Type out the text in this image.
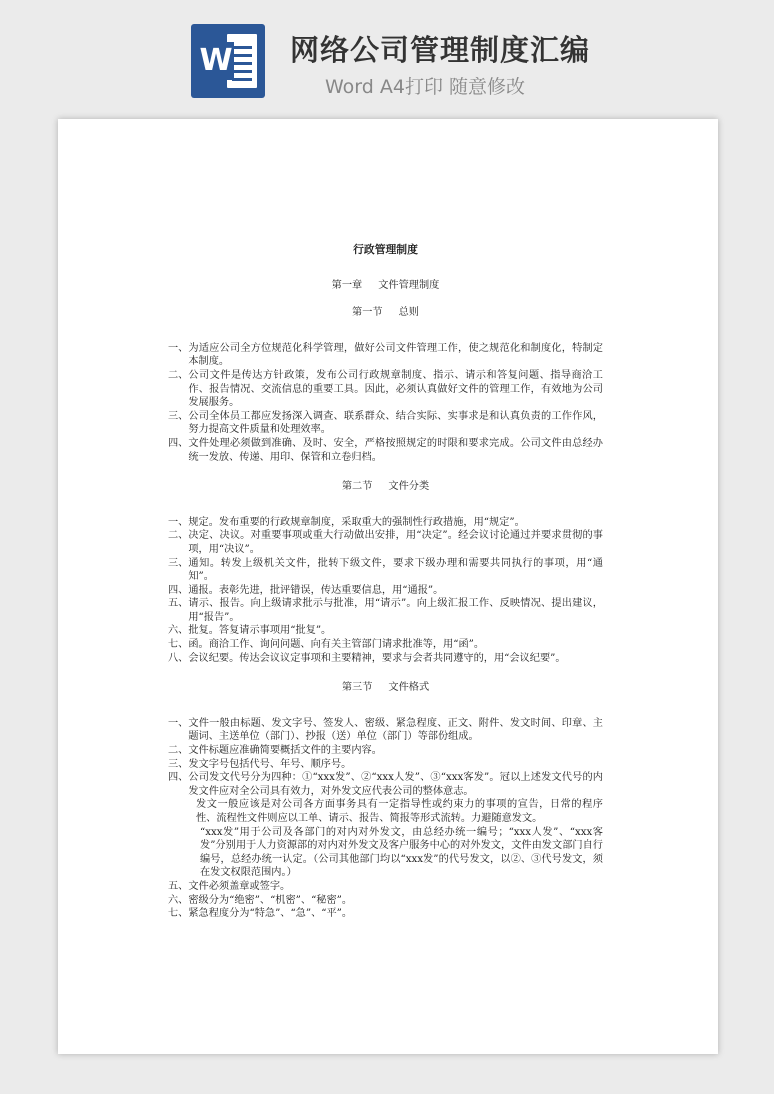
W 网络公司管理制度汇编
Word A4打印 随意修改
行政管理制度
第一章 文件管理制度
第一节 总则
一、 为适应公司全方位规范化科学管理，做好公司文件管理工作，使之规范化和制度化，特制定本制度。
二、 公司文件是传达方针政策，发布公司行政规章制度、指示、请示和答复问题、指导商洽工作、报告情况、交流信息的重要工具。因此，必须认真做好文件的管理工作，有效地为公司发展服务。
三、 公司全体员工都应发扬深入调查、联系群众、结合实际、实事求是和认真负责的工作作风，努力提高文件质量和处理效率。
四、 文件处理必须做到准确、及时、安全，严格按照规定的时限和要求完成。公司文件由总经办统一发放、传递、用印、保管和立卷归档。
第二节 文件分类
一、 规定。发布重要的行政规章制度，采取重大的强制性行政措施，用“规定”。
二、 决定、决议。对重要事项或重大行动做出安排，用“决定”。经会议讨论通过并要求贯彻的事项，用“决议”。
三、 通知。转发上级机关文件，批转下级文件，要求下级办理和需要共同执行的事项，用“通知”。
四、 通报。表彰先进，批评错误，传达重要信息，用“通报”。
五、 请示、报告。向上级请求批示与批准，用“请示”。向上级汇报工作、反映情况、提出建议，用“报告”。
六、 批复。答复请示事项用“批复”。
七、 函。商洽工作、询问问题、向有关主管部门请求批准等，用“函”。
八、 会议纪要。传达会议议定事项和主要精神，要求与会者共同遵守的，用“会议纪要”。
第三节 文件格式
一、 文件一般由标题、发文字号、签发人、密级、紧急程度、正文、附件、发文时间、印章、主题词、主送单位（部门）、抄报（送）单位（部门）等部份组成。
二、 文件标题应准确简要概括文件的主要内容。
三、 发文字号包括代号、年号、顺序号。
四、 公司发文代号分为四种：①“xxx发”、②“xxx人发”、③“xxx客发”。冠以上述发文代号的内发文件应对全公司具有效力，对外发文应代表公司的整体意志。
发文一般应该是对公司各方面事务具有一定指导性或约束力的事项的宣告，日常的程序性、流程性文件则应以工单、请示、报告、简报等形式流转。力避随意发文。
“xxx发”用于公司及各部门的对内对外发文，由总经办统一编号；“xxx人发”、“xxx客发”分别用于人力资源部的对内对外发文及客户服务中心的对外发文，文件由发文部门自行编号，总经办统一认定。（公司其他部门均以“xxx发”的代号发文，以②、③代号发文，须在发文权限范围内。）
五、 文件必须盖章或签字。
六、 密级分为“绝密”、“机密”、“秘密”。
七、 紧急程度分为“特急”、“急”、“平”。
